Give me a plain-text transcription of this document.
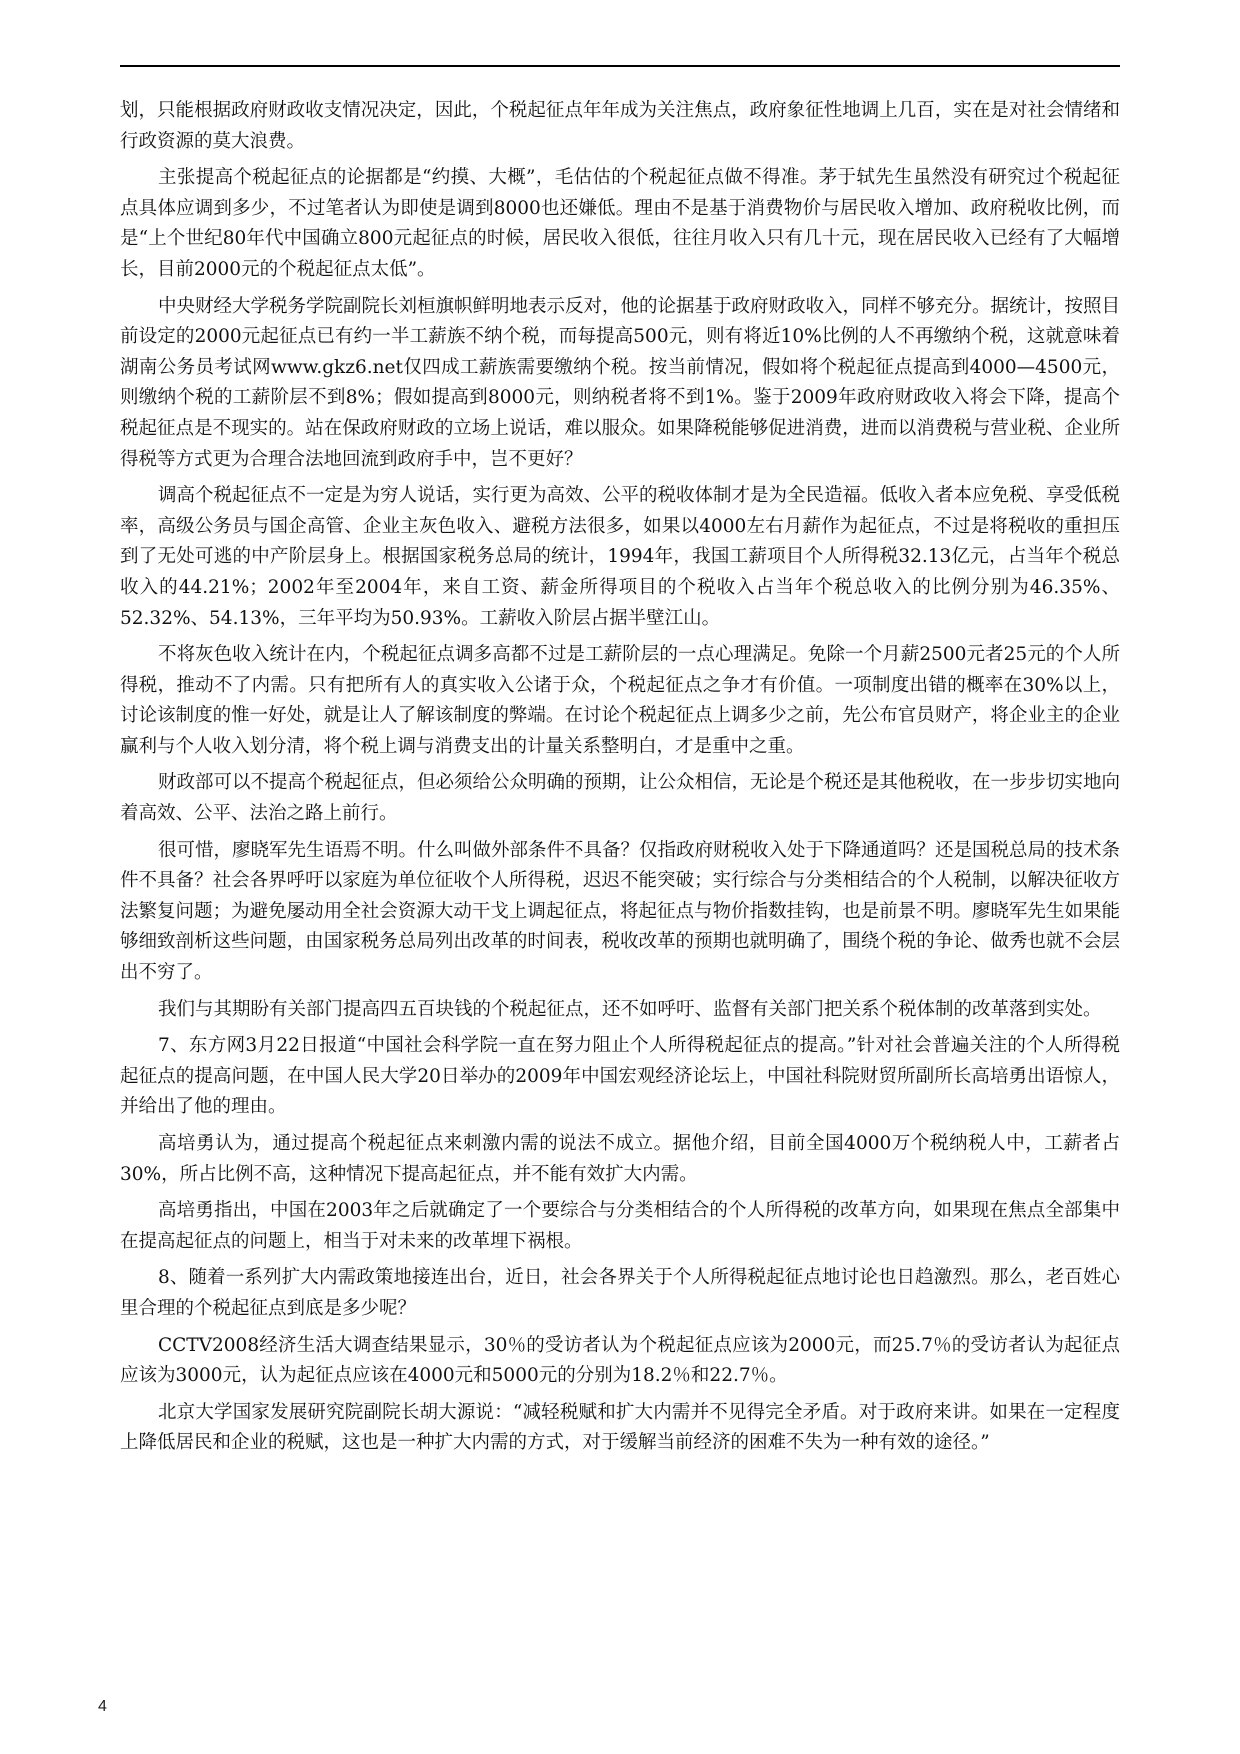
划，只能根据政府财政收支情况决定，因此，个税起征点年年成为关注焦点，政府象征性地调上几百，实在是对社会情绪和行政资源的莫大浪费。

主张提高个税起征点的论据都是“约摸、大概”，毛估估的个税起征点做不得准。茅于轼先生虽然没有研究过个税起征点具体应调到多少，不过笔者认为即使是调到8000也还嫌低。理由不是基于消费物价与居民收入增加、政府税收比例，而是“上个世纪80年代中国确立800元起征点的时候，居民收入很低，往往月收入只有几十元，现在居民收入已经有了大幅增长，目前2000元的个税起征点太低”。

中央财经大学税务学院副院长刘桓旗帜鲜明地表示反对，他的论据基于政府财政收入，同样不够充分。据统计，按照目前设定的2000元起征点已有约一半工薪族不纳个税，而每提高500元，则有将近10%比例的人不再缴纳个税，这就意味着湖南公务员考试网www.gkz6.net仅四成工薪族需要缴纳个税。按当前情况，假如将个税起征点提高到4000—4500元，则缴纳个税的工薪阶层不到8%；假如提高到8000元，则纳税者将不到1%。鉴于2009年政府财政收入将会下降，提高个税起征点是不现实的。站在保政府财政的立场上说话，难以服众。如果降税能够促进消费，进而以消费税与营业税、企业所得税等方式更为合理合法地回流到政府手中，岂不更好？

调高个税起征点不一定是为穷人说话，实行更为高效、公平的税收体制才是为全民造福。低收入者本应免税、享受低税率，高级公务员与国企高管、企业主灰色收入、避税方法很多，如果以4000左右月薪作为起征点，不过是将税收的重担压到了无处可逃的中产阶层身上。根据国家税务总局的统计，1994年，我国工薪项目个人所得税32.13亿元，占当年个税总收入的44.21%；2002年至2004年，来自工资、薪金所得项目的个税收入占当年个税总收入的比例分别为46.35%、52.32%、54.13%，三年平均为50.93%。工薪收入阶层占据半壁江山。

不将灰色收入统计在内，个税起征点调多高都不过是工薪阶层的一点心理满足。免除一个月薪2500元者25元的个人所得税，推动不了内需。只有把所有人的真实收入公诸于众，个税起征点之争才有价值。一项制度出错的概率在30%以上，讨论该制度的惟一好处，就是让人了解该制度的弊端。在讨论个税起征点上调多少之前，先公布官员财产，将企业主的企业赢利与个人收入划分清，将个税上调与消费支出的计量关系整明白，才是重中之重。

财政部可以不提高个税起征点，但必须给公众明确的预期，让公众相信，无论是个税还是其他税收，在一步步切实地向着高效、公平、法治之路上前行。

很可惜，廖晓军先生语焉不明。什么叫做外部条件不具备？仅指政府财税收入处于下降通道吗？还是国税总局的技术条件不具备？社会各界呼吁以家庭为单位征收个人所得税，迟迟不能突破；实行综合与分类相结合的个人税制，以解决征收方法繁复问题；为避免屡动用全社会资源大动干戈上调起征点，将起征点与物价指数挂钩，也是前景不明。廖晓军先生如果能够细致剖析这些问题，由国家税务总局列出改革的时间表，税收改革的预期也就明确了，围绕个税的争论、做秀也就不会层出不穷了。

我们与其期盼有关部门提高四五百块钱的个税起征点，还不如呼吁、监督有关部门把关系个税体制的改革落到实处。

7、东方网3月22日报道“中国社会科学院一直在努力阻止个人所得税起征点的提高。”针对社会普遍关注的个人所得税起征点的提高问题，在中国人民大学20日举办的2009年中国宏观经济论坛上，中国社科院财贸所副所长高培勇出语惊人，并给出了他的理由。

高培勇认为，通过提高个税起征点来刺激内需的说法不成立。据他介绍，目前全国4000万个税纳税人中，工薪者占30%，所占比例不高，这种情况下提高起征点，并不能有效扩大内需。

高培勇指出，中国在2003年之后就确定了一个要综合与分类相结合的个人所得税的改革方向，如果现在焦点全部集中在提高起征点的问题上，相当于对未来的改革埋下祸根。

8、随着一系列扩大内需政策地接连出台，近日，社会各界关于个人所得税起征点地讨论也日趋激烈。那么，老百姓心里合理的个税起征点到底是多少呢？

CCTV2008经济生活大调查结果显示，30％的受访者认为个税起征点应该为2000元，而25.7％的受访者认为起征点应该为3000元，认为起征点应该在4000元和5000元的分别为18.2％和22.7％。

北京大学国家发展研究院副院长胡大源说：“减轻税赋和扩大内需并不见得完全矛盾。对于政府来讲。如果在一定程度上降低居民和企业的税赋，这也是一种扩大内需的方式，对于缓解当前经济的困难不失为一种有效的途径。”

4
